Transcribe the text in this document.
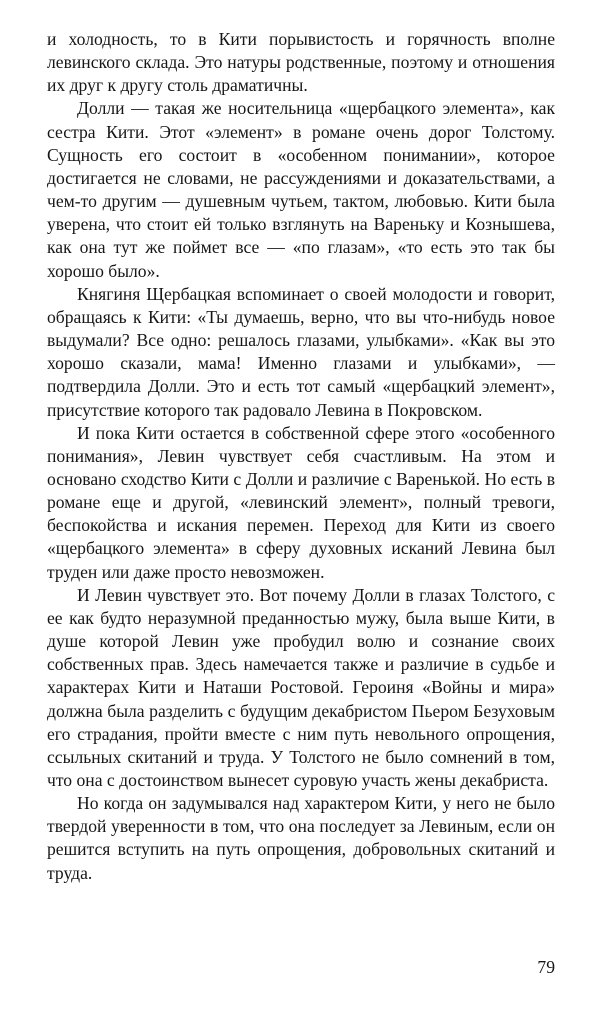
и холодность, то в Кити порывистость и горячность вполне левинского склада. Это натуры родственные, поэтому и отношения их друг к другу столь драматичны.

Долли — такая же носительница «щербацкого элемента», как сестра Кити. Этот «элемент» в романе очень дорог Толстому. Сущность его состоит в «особенном понимании», которое достигается не словами, не рассуждениями и доказательствами, а чем-то другим — душевным чутьем, тактом, любовью. Кити была уверена, что стоит ей только взглянуть на Вареньку и Кознышева, как она тут же поймет все — «по глазам», «то есть это так бы хорошо было».

Княгиня Щербацкая вспоминает о своей молодости и говорит, обращаясь к Кити: «Ты думаешь, верно, что вы что-нибудь новое выдумали? Все одно: решалось глазами, улыбками». «Как вы это хорошо сказали, мама! Именно глазами и улыбками», — подтвердила Долли. Это и есть тот самый «щербацкий элемент», присутствие которого так радовало Левина в Покровском.

И пока Кити остается в собственной сфере этого «особенного понимания», Левин чувствует себя счастливым. На этом и основано сходство Кити с Долли и различие с Варенькой. Но есть в романе еще и другой, «левинский элемент», полный тревоги, беспокойства и искания перемен. Переход для Кити из своего «щербацкого элемента» в сферу духовных исканий Левина был труден или даже просто невозможен.

И Левин чувствует это. Вот почему Долли в глазах Толстого, с ее как будто неразумной преданностью мужу, была выше Кити, в душе которой Левин уже пробудил волю и сознание своих собственных прав. Здесь намечается также и различие в судьбе и характерах Кити и Наташи Ростовой. Героиня «Войны и мира» должна была разделить с будущим декабристом Пьером Безуховым его страдания, пройти вместе с ним путь невольного опрощения, ссыльных скитаний и труда. У Толстого не было сомнений в том, что она с достоинством вынесет суровую участь жены декабриста.

Но когда он задумывался над характером Кити, у него не было твердой уверенности в том, что она последует за Левиным, если он решится вступить на путь опрощения, добровольных скитаний и труда.

79
